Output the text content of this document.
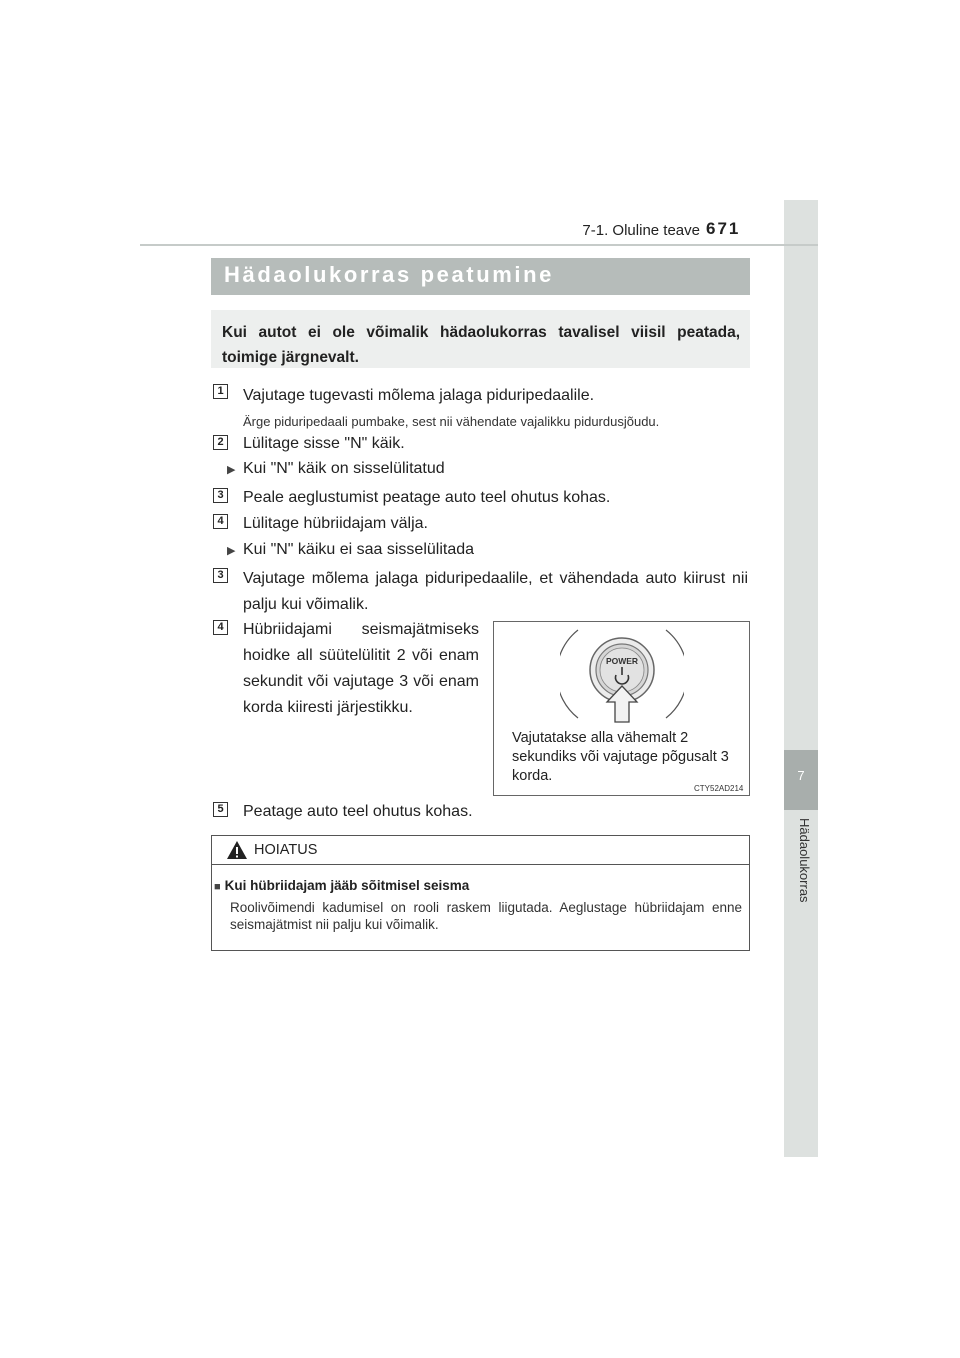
7
Hädaolukorras
7-1. Oluline teave 671
Hädaolukorras peatumine
Kui autot ei ole võimalik hädaolukorras tavalisel viisil peatada, toimige järgnevalt.
1 Vajutage tugevasti mõlema jalaga piduripedaalile.
Ärge piduripedaali pumbake, sest nii vähendate vajalikku pidurdusjõudu.
2 Lülitage sisse "N" käik.
▶ Kui "N" käik on sisselülitatud
3 Peale aeglustumist peatage auto teel ohutus kohas.
4 Lülitage hübriidajam välja.
▶ Kui "N" käiku ei saa sisselülitada
3 Vajutage mõlema jalaga piduripedaalile, et vähendada auto kiirust nii palju kui võimalik.
4 Hübriidajami seismajätmiseks hoidke all süütelülitit 2 või enam sekundit või vajutage 3 või enam korda kiiresti järjestikku.
POWER
Vajutatakse alla vähemalt 2 sekundiks või vajutage põgusalt 3 korda.
CTY52AD214
5 Peatage auto teel ohutus kohas.
HOIATUS
■ Kui hübriidajam jääb sõitmisel seisma
Roolivõimendi kadumisel on rooli raskem liigutada. Aeglustage hübriidajam enne seismajätmist nii palju kui võimalik.
